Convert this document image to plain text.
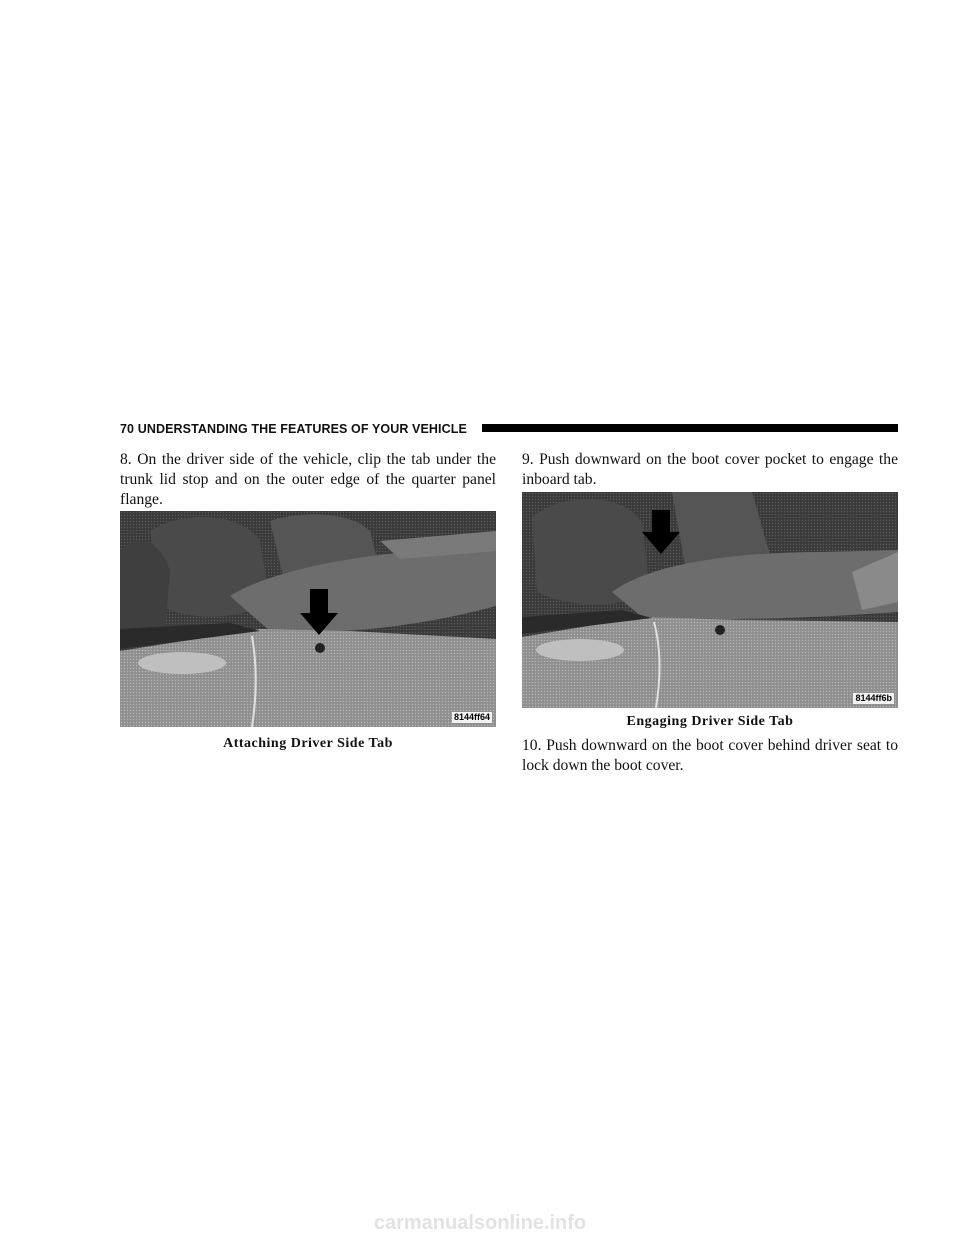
70 UNDERSTANDING THE FEATURES OF YOUR VEHICLE

8. On the driver side of the vehicle, clip the tab under the trunk lid stop and on the outer edge of the quarter panel flange.

8144ff64
Attaching Driver Side Tab

9. Push downward on the boot cover pocket to engage the inboard tab.

8144ff6b
Engaging Driver Side Tab

10. Push downward on the boot cover behind driver seat to lock down the boot cover.

carmanualsonline.info
